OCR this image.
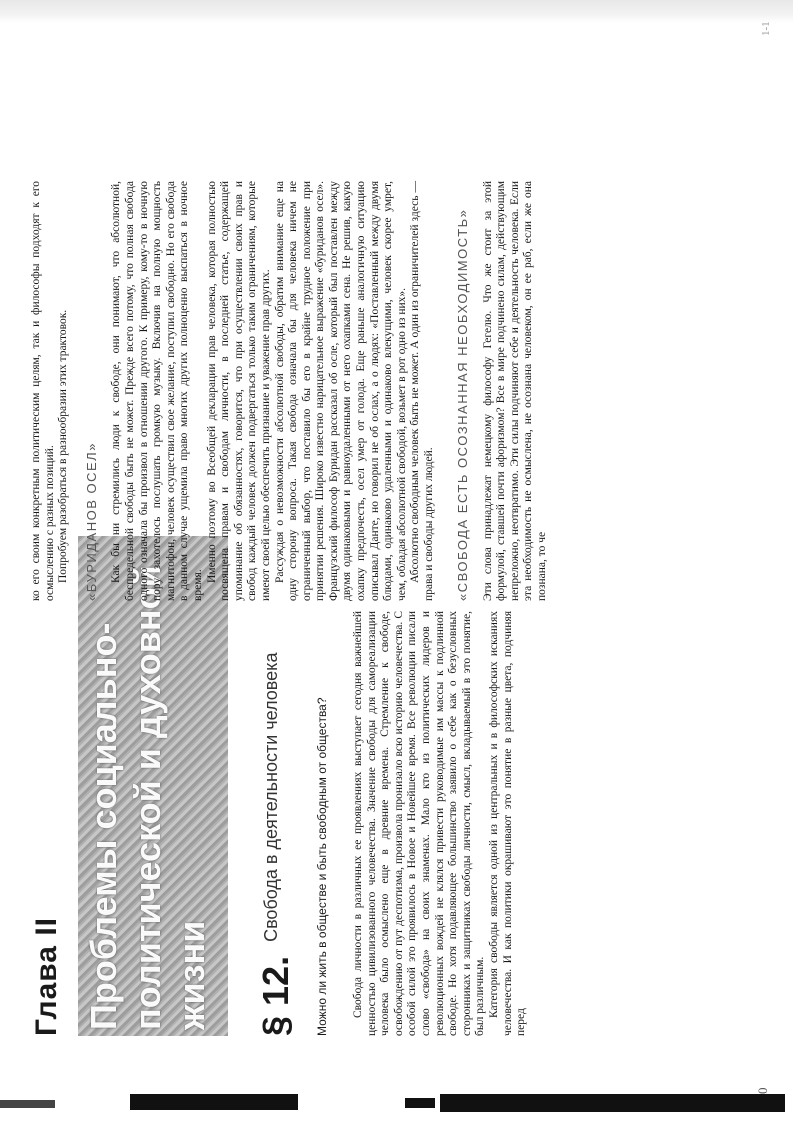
Глава II Проблемы социально-политической и духовной жизни § 12.
Свобода в деятельности человека	Можно ли жить в обществе и быть свободным от общества? Свобода личности в различных ее проявлениях выступает сегодня важнейшей ценностью цивилизованного человечества. Значение свободы для самореализации человека было осмыслено еще в древние времена. Стремление к свободе, освобождению от пут деспотизма, произвола пронизало всю историю человечества. С особой силой это проявилось в Новое и Новейшее время. Все революции писали слово «свобода» на своих знаменах. Мало кто из политических лидеров и революционных вождей не клялся привести руководимые им массы к подлинной свободе. Но хотя подавляющее большинство заявило о себе как о безусловных сторонниках и защитниках свободы личности, смысл, вкладываемый в это понятие, был различным. Категория свободы является одной из центральных и в философских исканиях человечества. И как политики окрашивают это понятие в разные цвета, подчиняя перед

ко его своим конкретным политическим целям, так и философы подходят к его осмыслению с разных позиций. Попробуем разобраться в разнообразии этих трактовок. «БУРИДАНОВ ОСЕЛ» Как бы ни стремились люди к свободе, они понимают, что абсолютной, беспредельной свободы быть не может. Прежде всего потому, что полная свобода одного означала бы произвол в отношении другого. К примеру, кому-то в ночную пору захотелось послушать громкую музыку. Включив на полную мощность магнитофон, человек осуществил свое желание, поступил свободно. Но его свобода в данном случае ущемила право многих других полноценно выспаться в ночное время.

Именно поэтому во Всеобщей декларации прав человека, которая полностью посвящена правам и свободам личности, в последней статье, содержащей упоминание об обязанностях, говорится, что при осуществлении своих прав и свобод каждый человек должен подвергаться только таким ограничениям, которые имеют своей целью обеспечить признание и уважение прав других. Рассуждая о невозможности абсолютной свободы, обратим внимание еще на одну сторону вопроса. Такая свобода означала бы для человека ничем не ограниченный выбор, что поставило бы его в крайне трудное положение при принятии решения. Широко известно нарицательное выражение «буриданов осел». Французский философ Буридан рассказал об осле, который был поставлен между двумя одинаковыми и равноудаленными от него охапками сена. Не решив, какую охапку предпочесть, осел умер от голода. Еще раньше аналогичную ситуацию описывал Данте, но говорил не об ослах, а о людях: «Поставленный между двумя блюдами, одинаково удаленными и одинаково влекущими, человек скорее умрет, чем, обладая абсолютной свободой, возьмет в рот одно из них». Абсолютно свободным человек быть не может. А один из ограничителей здесь — права и свободы других людей. «СВОБОДА ЕСТЬ ОСОЗНАННАЯ НЕОБХОДИМОСТЬ» Эти слова принадлежат немецкому философу Гегелю. Что же стоит за этой формулой, ставшей почти афоризмом? Все в мире подчинено силам, действующим непреложно, неотвратимо. Эти силы подчиняют себе и деятельность человека. Если эта необходимость не осмыслена, не осознана человеком, он ее раб, если же она познана, то че

1-1
